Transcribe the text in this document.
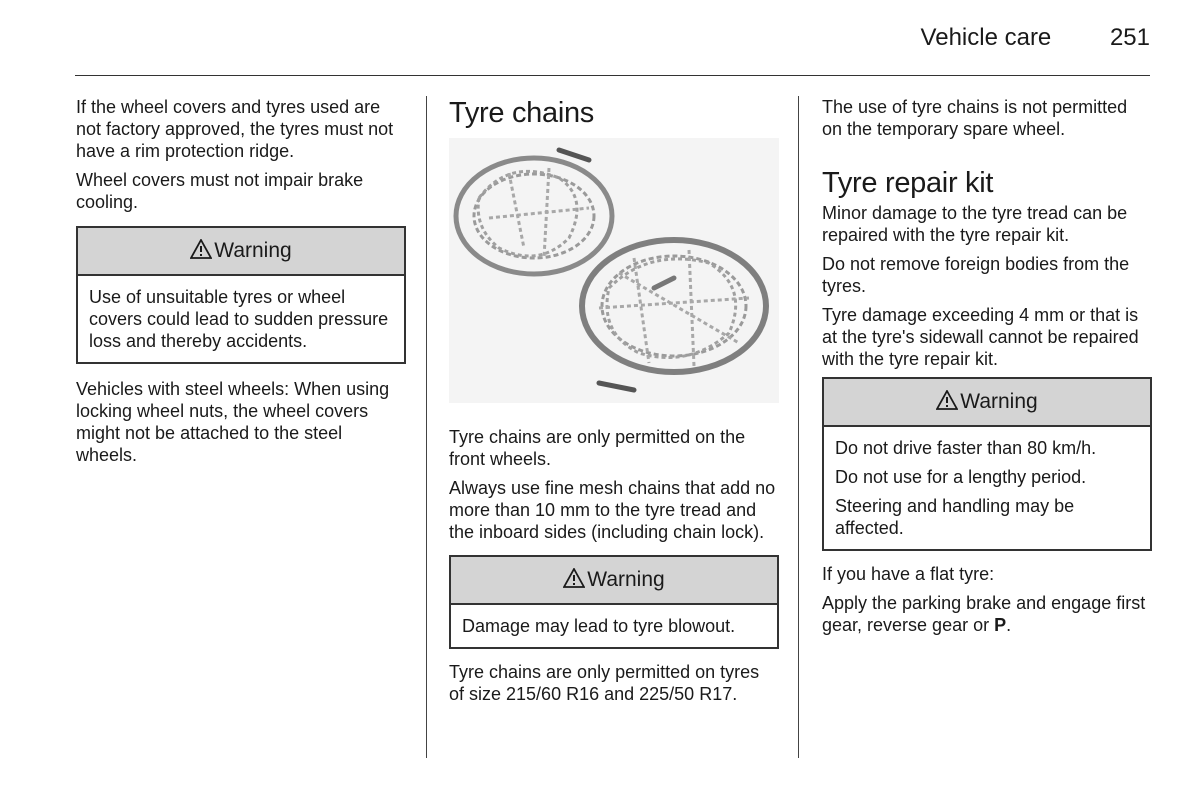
Vehicle care 251

If the wheel covers and tyres used are not factory approved, the tyres must not have a rim protection ridge.

Wheel covers must not impair brake cooling.

Warning

Use of unsuitable tyres or wheel covers could lead to sudden pressure loss and thereby accidents.

Vehicles with steel wheels: When using locking wheel nuts, the wheel covers might not be attached to the steel wheels.

Tyre chains

Tyre chains are only permitted on the front wheels.

Always use fine mesh chains that add no more than 10 mm to the tyre tread and the inboard sides (including chain lock).

Warning

Damage may lead to tyre blowout.

Tyre chains are only permitted on tyres of size 215/60 R16 and 225/50 R17.

The use of tyre chains is not permitted on the temporary spare wheel.

Tyre repair kit

Minor damage to the tyre tread can be repaired with the tyre repair kit.

Do not remove foreign bodies from the tyres.

Tyre damage exceeding 4 mm or that is at the tyre's sidewall cannot be repaired with the tyre repair kit.

Warning

Do not drive faster than 80 km/h.

Do not use for a lengthy period.

Steering and handling may be affected.

If you have a flat tyre:

Apply the parking brake and engage first gear, reverse gear or P.
